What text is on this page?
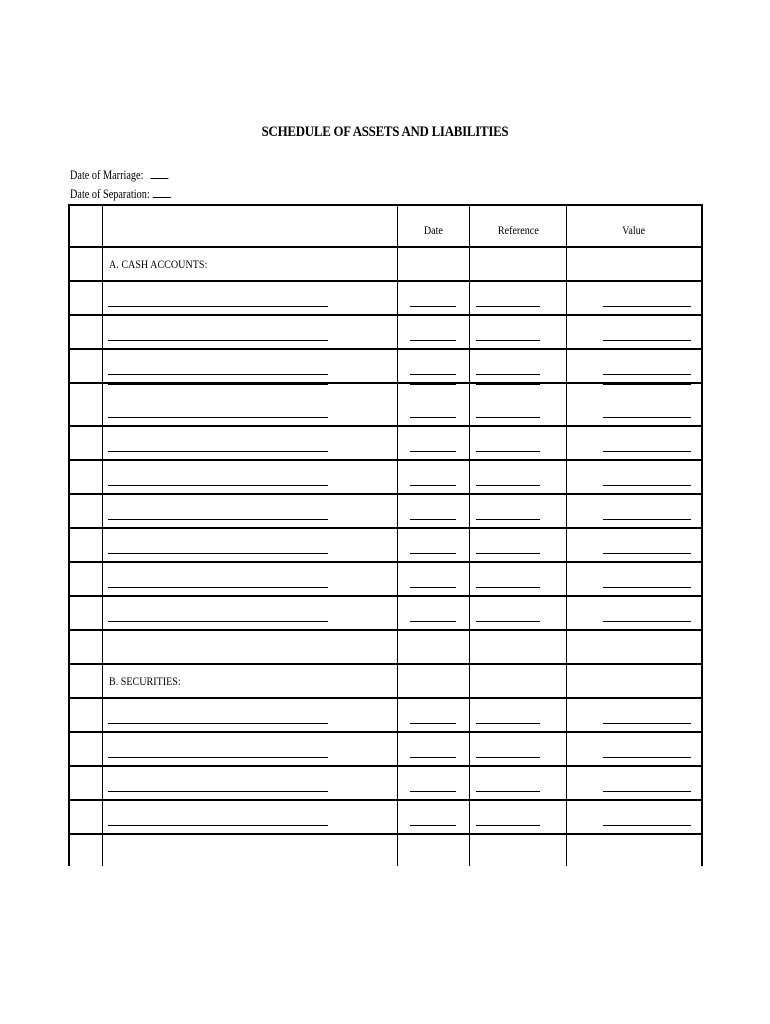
SCHEDULE OF ASSETS AND LIABILITIES
Date of Marriage:
Date of Separation:
		Date	Reference	Value
	A. CASH ACCOUNTS:			

	B. SECURITIES:			
